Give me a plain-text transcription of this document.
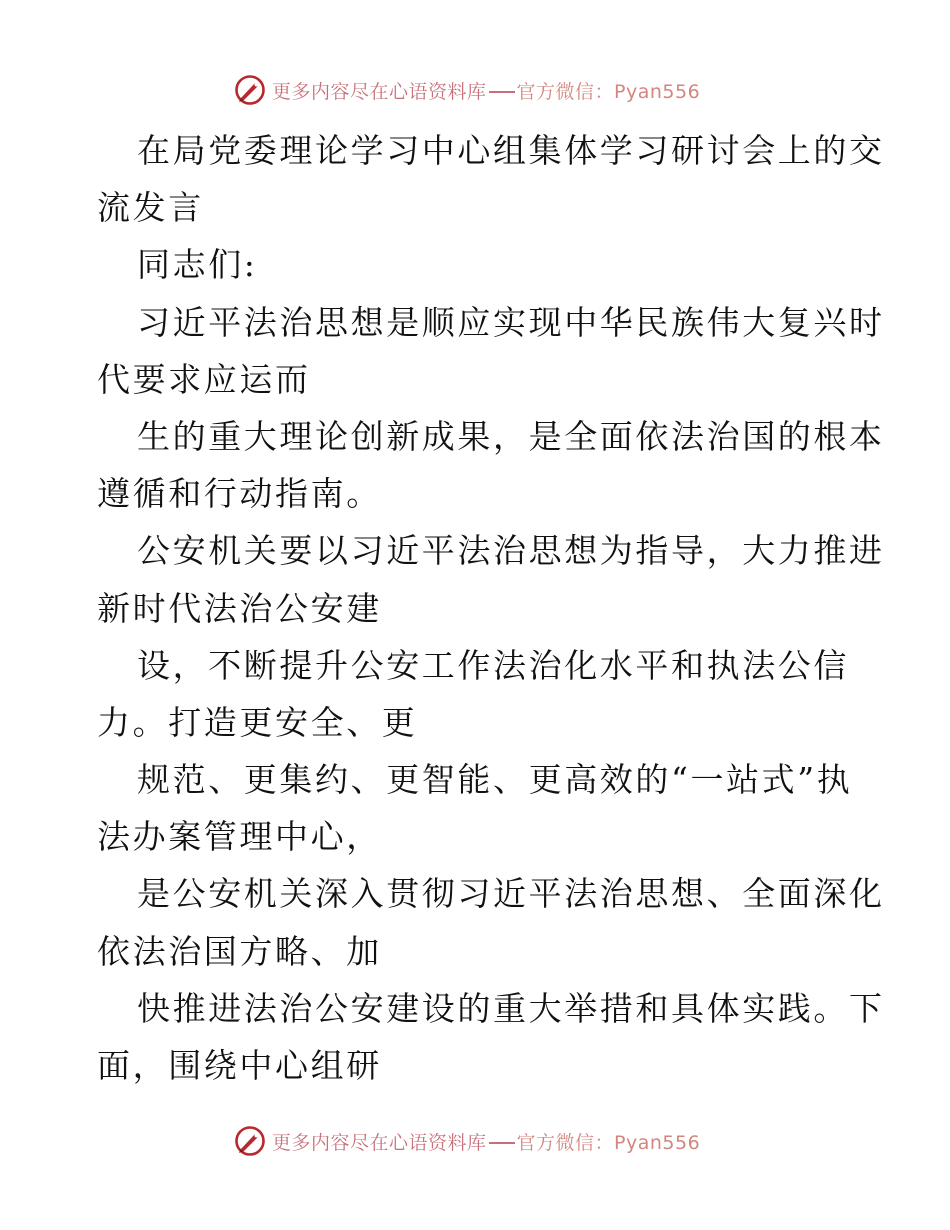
更多内容尽在心语资料库 官方微信：Pyan556
在局党委理论学习中心组集体学习研讨会上的交
流发言
同志们:
习近平法治思想是顺应实现中华民族伟大复兴时
代要求应运而
生的重大理论创新成果，是全面依法治国的根本
遵循和行动指南。
公安机关要以习近平法治思想为指导，大力推进
新时代法治公安建
设，不断提升公安工作法治化水平和执法公信
力。打造更安全、更
规范、更集约、更智能、更高效的“一站式”执
法办案管理中心，
是公安机关深入贯彻习近平法治思想、全面深化
依法治国方略、加
快推进法治公安建设的重大举措和具体实践。下
面，围绕中心组研
更多内容尽在心语资料库 官方微信：Pyan556
